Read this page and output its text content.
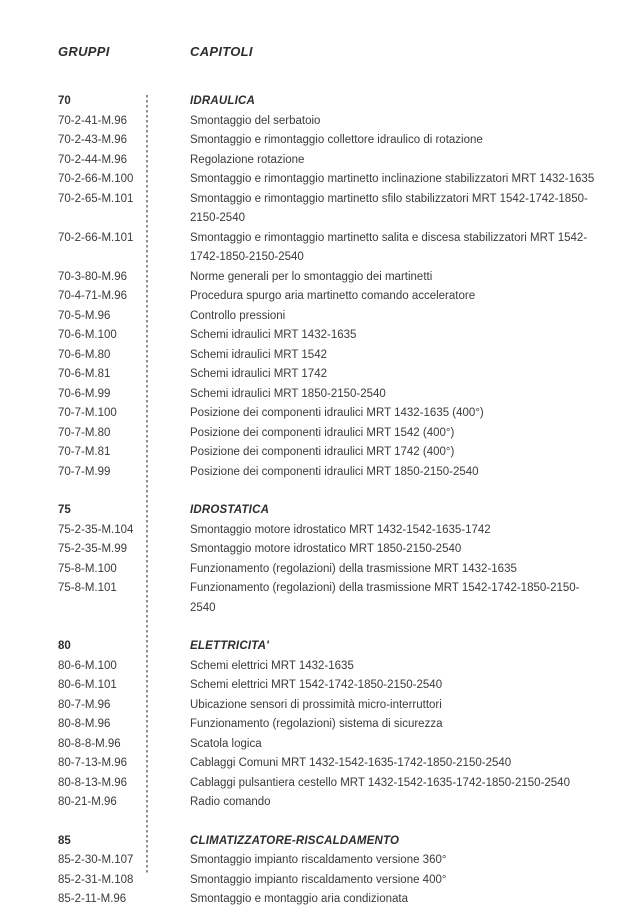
GRUPPI	CAPITOLI
70	IDRAULICA
70-2-41-M.96	Smontaggio del serbatoio
70-2-43-M.96	Smontaggio e rimontaggio collettore idraulico di rotazione
70-2-44-M.96	Regolazione rotazione
70-2-66-M.100	Smontaggio e rimontaggio martinetto inclinazione stabilizzatori MRT 1432-1635
70-2-65-M.101	Smontaggio e rimontaggio martinetto sfilo stabilizzatori MRT 1542-1742-1850-2150-2540
70-2-66-M.101	Smontaggio e rimontaggio martinetto salita e discesa stabilizzatori MRT 1542-1742-1850-2150-2540
70-3-80-M.96	Norme generali per lo smontaggio dei martinetti
70-4-71-M.96	Procedura spurgo aria martinetto comando acceleratore
70-5-M.96	Controllo pressioni
70-6-M.100	Schemi idraulici MRT 1432-1635
70-6-M.80	Schemi idraulici MRT 1542
70-6-M.81	Schemi idraulici MRT 1742
70-6-M.99	Schemi idraulici MRT 1850-2150-2540
70-7-M.100	Posizione dei componenti idraulici MRT 1432-1635 (400°)
70-7-M.80	Posizione dei componenti idraulici MRT 1542 (400°)
70-7-M.81	Posizione dei componenti idraulici MRT 1742 (400°)
70-7-M.99	Posizione dei componenti idraulici MRT 1850-2150-2540
75	IDROSTATICA
75-2-35-M.104	Smontaggio motore idrostatico MRT 1432-1542-1635-1742
75-2-35-M.99	Smontaggio motore idrostatico MRT 1850-2150-2540
75-8-M.100	Funzionamento (regolazioni) della trasmissione MRT 1432-1635
75-8-M.101	Funzionamento (regolazioni) della trasmissione MRT 1542-1742-1850-2150-2540
80	ELETTRICITA'
80-6-M.100	Schemi elettrici MRT 1432-1635
80-6-M.101	Schemi elettrici MRT 1542-1742-1850-2150-2540
80-7-M.96	Ubicazione sensori di prossimità micro-interruttori
80-8-M.96	Funzionamento (regolazioni) sistema di sicurezza
80-8-8-M.96	Scatola logica
80-7-13-M.96	Cablaggi Comuni MRT 1432-1542-1635-1742-1850-2150-2540
80-8-13-M.96	Cablaggi pulsantiera cestello MRT 1432-1542-1635-1742-1850-2150-2540
80-21-M.96	Radio comando
85	CLIMATIZZATORE-RISCALDAMENTO
85-2-30-M.107	Smontaggio impianto riscaldamento versione 360°
85-2-31-M.108	Smontaggio impianto riscaldamento versione 400°
85-2-11-M.96	Smontaggio e montaggio aria condizionata
